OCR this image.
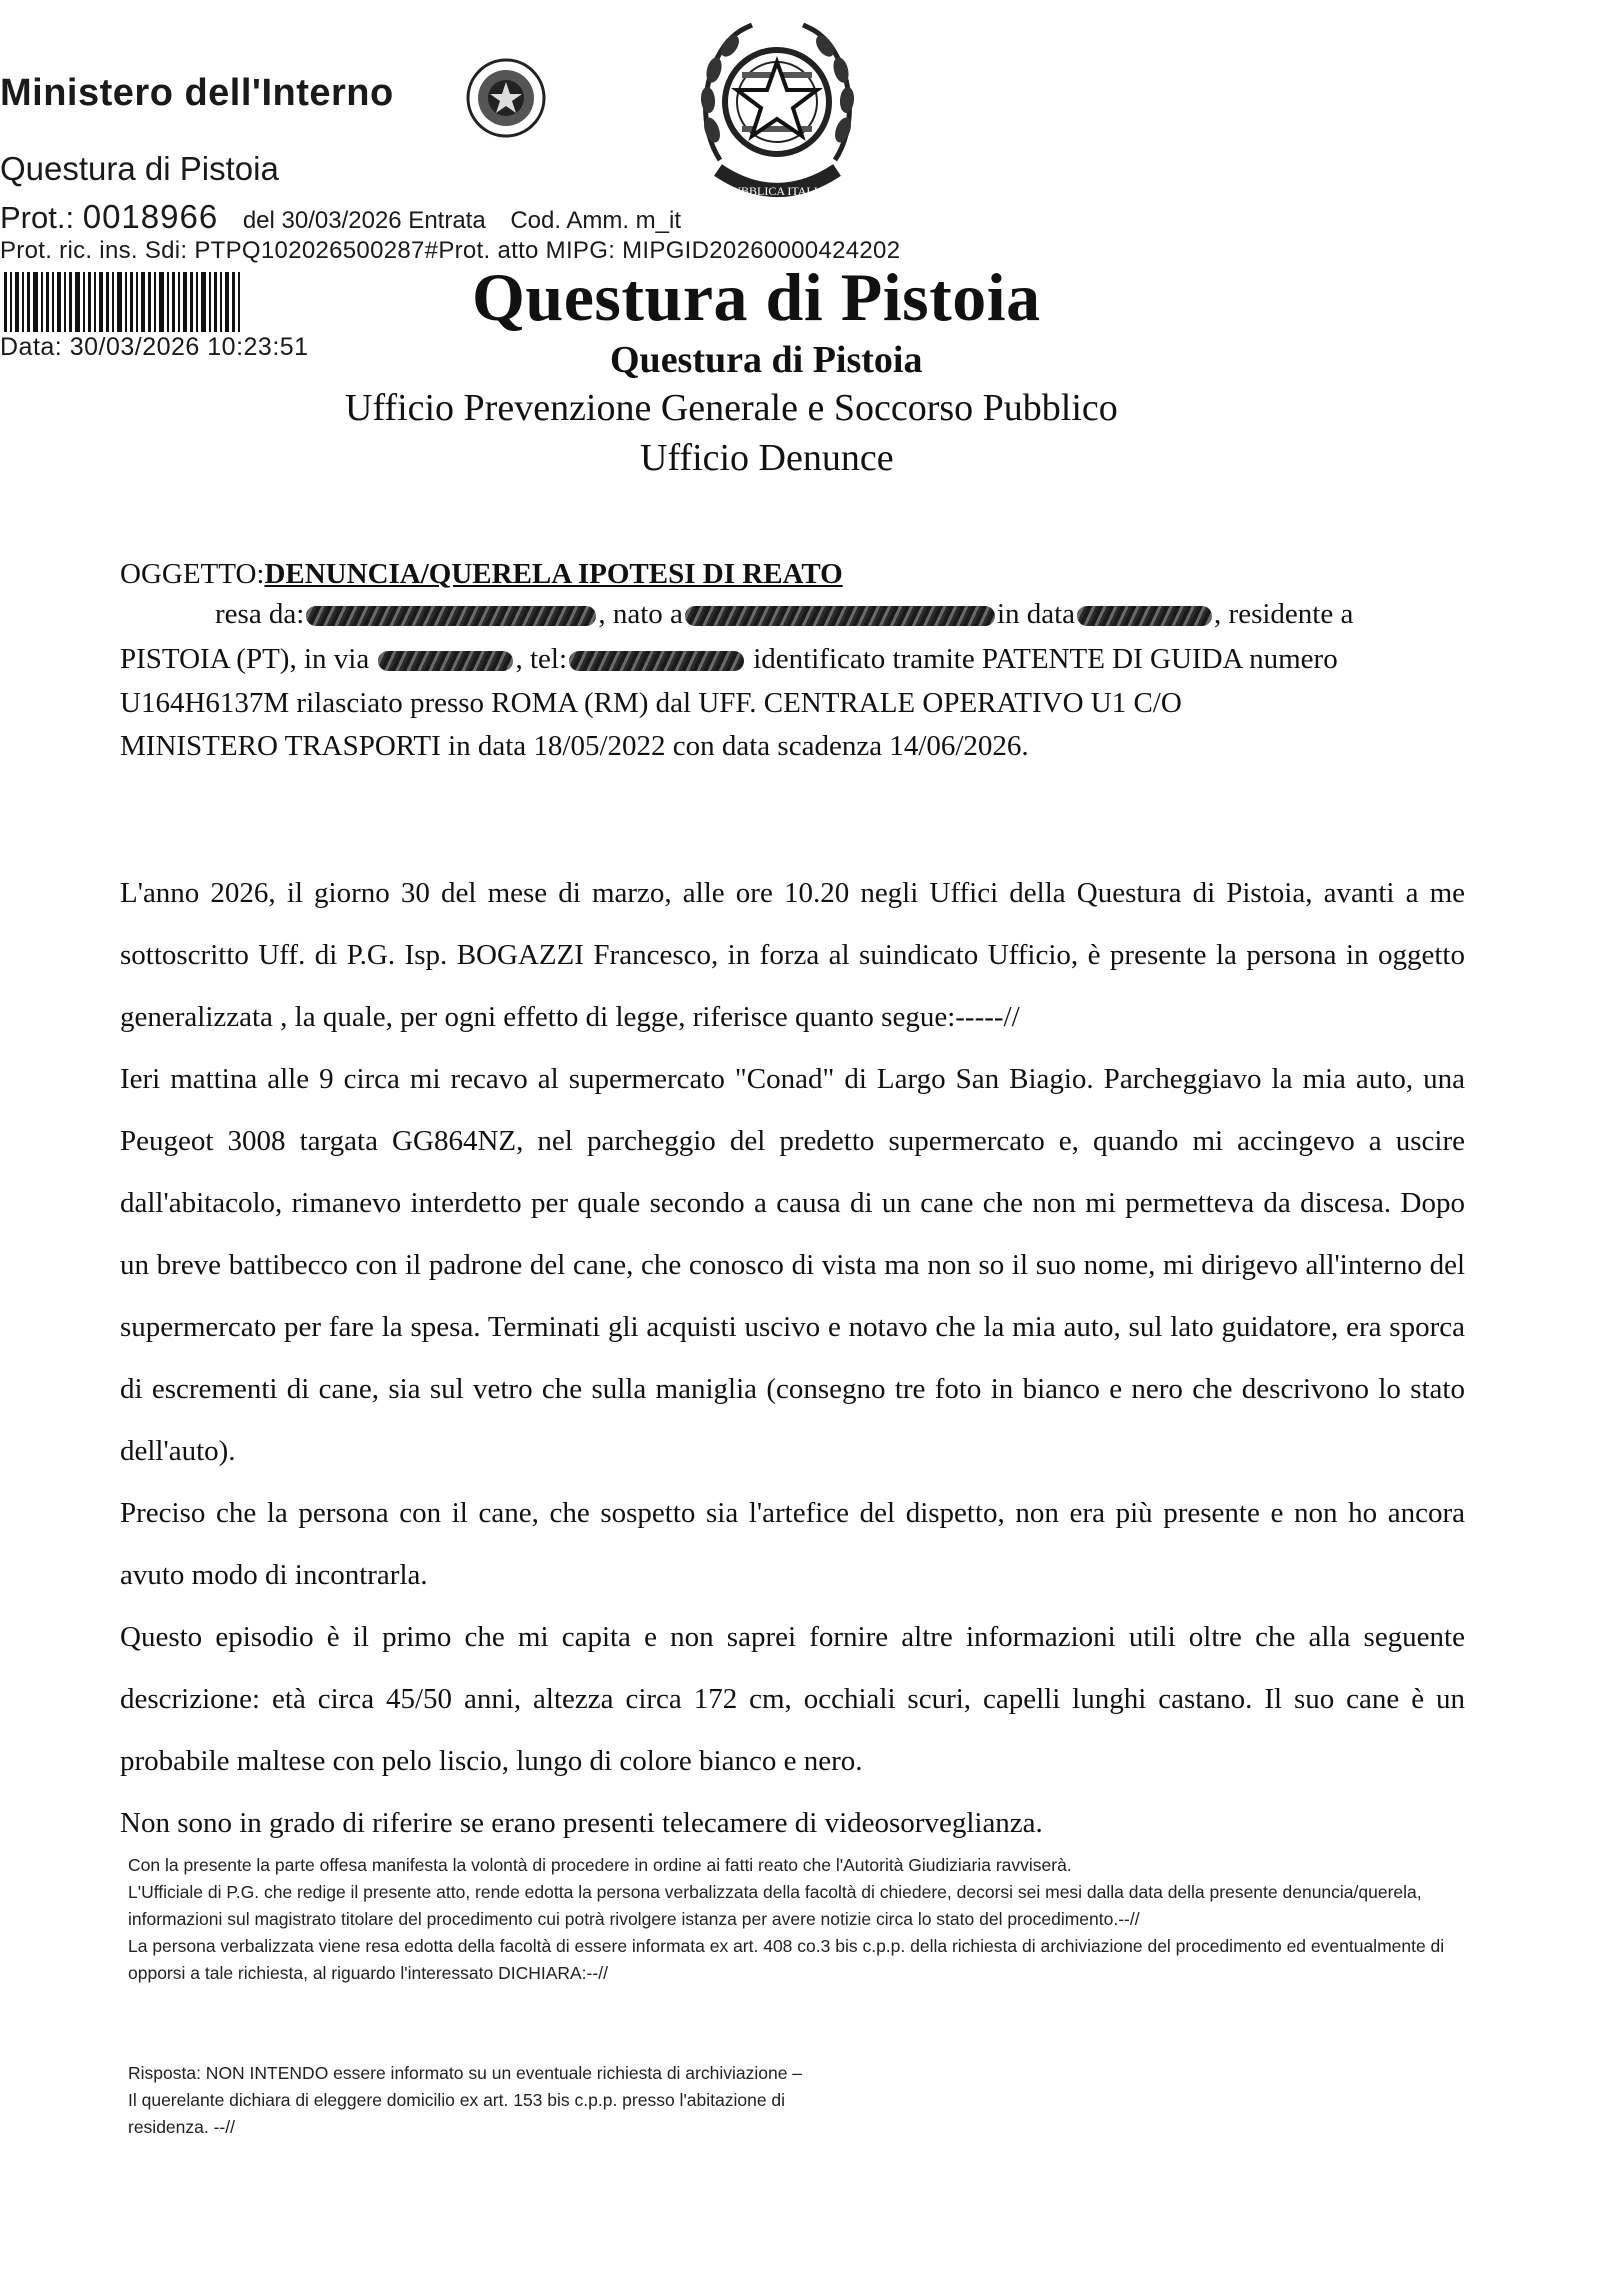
Ministero dell'Interno
Questura di Pistoia
Prot.: 0018966 del 30/03/2026 Entrata Cod. Amm. m_it
Prot. ric. ins. Sdi: PTPQ102026500287#Prot. atto MIPG: MIPGID20260000424202
Data: 30/03/2026 10:23:51
REPUBBLICA ITALIANA
Questura di Pistoia
Questura di Pistoia
Ufficio Prevenzione Generale e Soccorso Pubblico
Ufficio Denunce
OGGETTO:DENUNCIA/QUERELA IPOTESI DI REATO
resa da:	, nato a	in data	, residente a
PISTOIA (PT), in via	, tel:	identificato tramite PATENTE DI GUIDA numero
U164H6137M rilasciato presso ROMA (RM) dal UFF. CENTRALE OPERATIVO U1 C/O
MINISTERO TRASPORTI in data 18/05/2022 con data scadenza 14/06/2026.

L'anno 2026, il giorno 30 del mese di marzo, alle ore 10.20 negli Uffici della Questura di Pistoia, avanti a me sottoscritto Uff. di P.G. Isp. BOGAZZI Francesco, in forza al suindicato Ufficio, è presente la persona in oggetto generalizzata , la quale, per ogni effetto di legge, riferisce quanto segue:-----//

Ieri mattina alle 9 circa mi recavo al supermercato "Conad" di Largo San Biagio. Parcheggiavo la mia auto, una Peugeot 3008 targata GG864NZ, nel parcheggio del predetto supermercato e, quando mi accingevo a uscire dall'abitacolo, rimanevo interdetto per quale secondo a causa di un cane che non mi permetteva da discesa. Dopo un breve battibecco con il padrone del cane, che conosco di vista ma non so il suo nome, mi dirigevo all'interno del supermercato per fare la spesa. Terminati gli acquisti uscivo e notavo che la mia auto, sul lato guidatore, era sporca di escrementi di cane, sia sul vetro che sulla maniglia (consegno tre foto in bianco e nero che descrivono lo stato dell'auto).

Preciso che la persona con il cane, che sospetto sia l'artefice del dispetto, non era più presente e non ho ancora avuto modo di incontrarla.

Questo episodio è il primo che mi capita e non saprei fornire altre informazioni utili oltre che alla seguente descrizione: età circa 45/50 anni, altezza circa 172 cm, occhiali scuri, capelli lunghi castano. Il suo cane è un probabile maltese con pelo liscio, lungo di colore bianco e nero.

Non sono in grado di riferire se erano presenti telecamere di videosorveglianza.

Con la presente la parte offesa manifesta la volontà di procedere in ordine ai fatti reato che l'Autorità Giudiziaria ravviserà.

L'Ufficiale di P.G. che redige il presente atto, rende edotta la persona verbalizzata della facoltà di chiedere, decorsi sei mesi dalla data della presente denuncia/querela, informazioni sul magistrato titolare del procedimento cui potrà rivolgere istanza per avere notizie circa lo stato del procedimento.--//

La persona verbalizzata viene resa edotta della facoltà di essere informata ex art. 408 co.3 bis c.p.p. della richiesta di archiviazione del procedimento ed eventualmente di opporsi a tale richiesta, al riguardo l'interessato DICHIARA:--//

Risposta: NON INTENDO essere informato su un eventuale richiesta di archiviazione –

Il querelante dichiara di eleggere domicilio ex art. 153 bis c.p.p. presso l'abitazione di

residenza. --//
